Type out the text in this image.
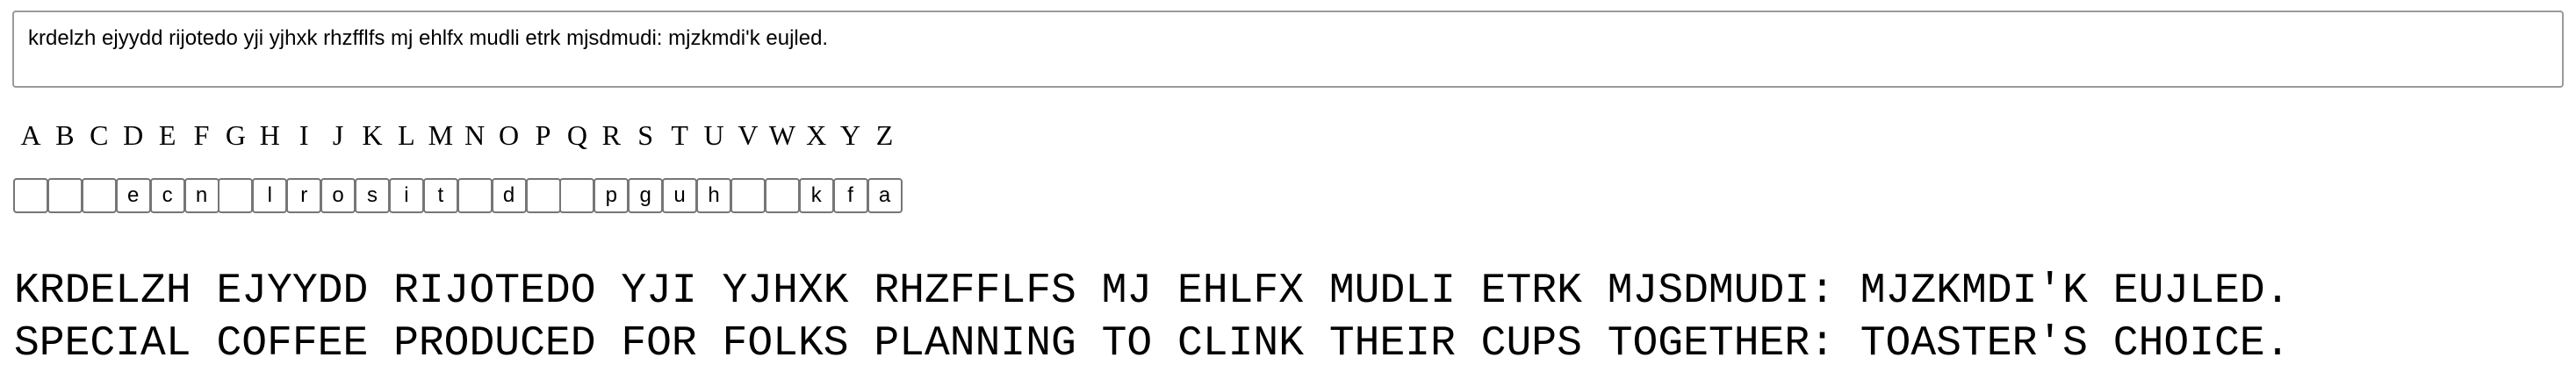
krdelzh ejyydd rijotedo yji yjhxk rhzfflfs mj ehlfx mudli etrk mjsdmudi: mjzkmdi'k eujled.
A B C D E F G H I J K L M N O P Q R S T U V W X Y Z
e
c
n
l
r
o
s
i
t
d
p
g
u
h
k
f
a
KRDELZH EJYYDD RIJOTEDO YJI YJHXK RHZFFLFS MJ EHLFX MUDLI ETRK MJSDMUDI: MJZKMDI'K EUJLED.
SPECIAL COFFEE PRODUCED FOR FOLKS PLANNING TO CLINK THEIR CUPS TOGETHER: TOASTER'S CHOICE.
